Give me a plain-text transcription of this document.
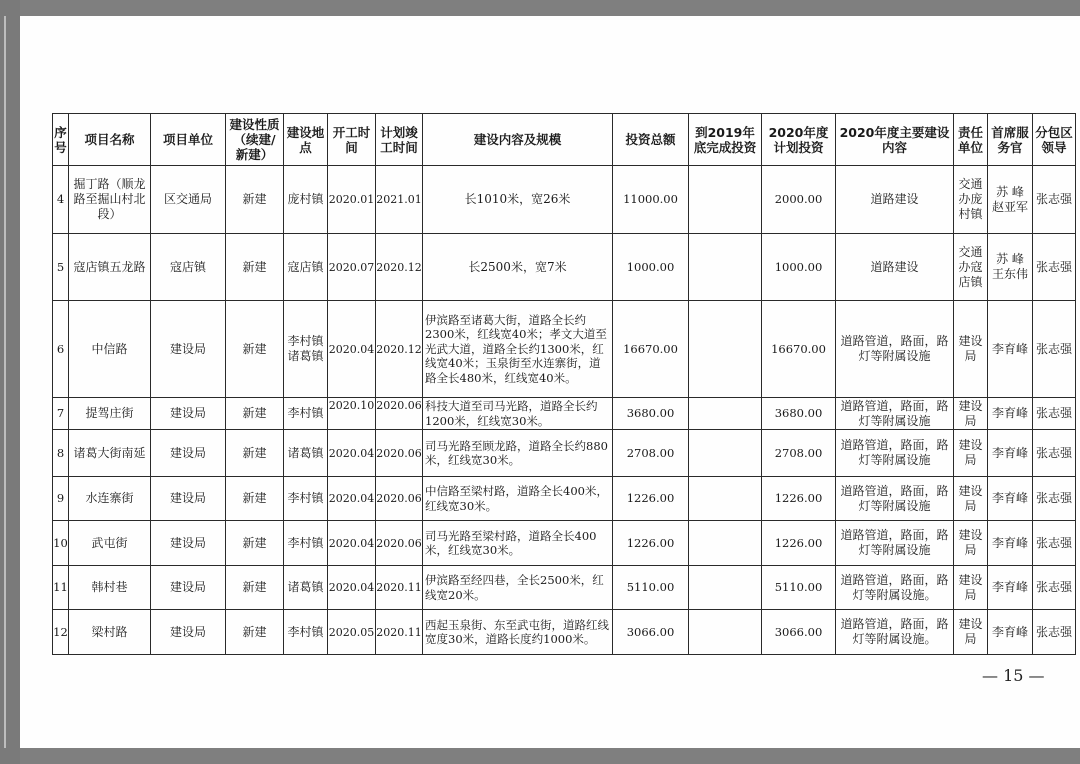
序号	项目名称	项目单位	建设性质（续建/新建）	建设地点	开工时间	计划竣工时间	建设内容及规模	投资总额	到2019年底完成投资	2020年度计划投资	2020年度主要建设内容	责任单位	首席服务官	分包区领导
4	掘丁路（顺龙路至掘山村北段）	区交通局	新建	庞村镇	2020.01	2021.01	长1010米，宽26米	11000.00		2000.00	道路建设	交通办庞村镇	苏 峰 赵亚军	张志强
5	寇店镇五龙路	寇店镇	新建	寇店镇	2020.07	2020.12	长2500米，宽7米	1000.00		1000.00	道路建设	交通办寇店镇	苏 峰 王东伟	张志强
6	中信路	建设局	新建	李村镇 诸葛镇	2020.04	2020.12	伊滨路至诸葛大街，道路全长约2300米，红线宽40米；孝文大道至光武大道，道路全长约1300米，红线宽40米；玉泉街至水连寨街，道路全长480米，红线宽40米。	16670.00		16670.00	道路管道，路面，路灯等附属设施	建设局	李育峰	张志强
7	提驾庄街	建设局	新建	李村镇	2020.10	2020.06	科技大道至司马光路，道路全长约1200米，红线宽30米。	3680.00		3680.00	道路管道，路面，路灯等附属设施	建设局	李育峰	张志强
8	诸葛大街南延	建设局	新建	诸葛镇	2020.04	2020.06	司马光路至顾龙路，道路全长约880米，红线宽30米。	2708.00		2708.00	道路管道，路面，路灯等附属设施	建设局	李育峰	张志强
9	水连寨街	建设局	新建	李村镇	2020.04	2020.06	中信路至梁村路，道路全长400米，红线宽30米。	1226.00		1226.00	道路管道，路面，路灯等附属设施	建设局	李育峰	张志强
10	武屯街	建设局	新建	李村镇	2020.04	2020.06	司马光路至梁村路，道路全长400米，红线宽30米。	1226.00		1226.00	道路管道，路面，路灯等附属设施	建设局	李育峰	张志强
11	韩村巷	建设局	新建	诸葛镇	2020.04	2020.11	伊滨路至经四巷，全长2500米，红线宽20米。	5110.00		5110.00	道路管道，路面，路灯等附属设施。	建设局	李育峰	张志强
12	梁村路	建设局	新建	李村镇	2020.05	2020.11	西起玉泉街、东至武屯街，道路红线宽度30米，道路长度约1000米。	3066.00		3066.00	道路管道，路面，路灯等附属设施。	建设局	李育峰	张志强
— 15 —
